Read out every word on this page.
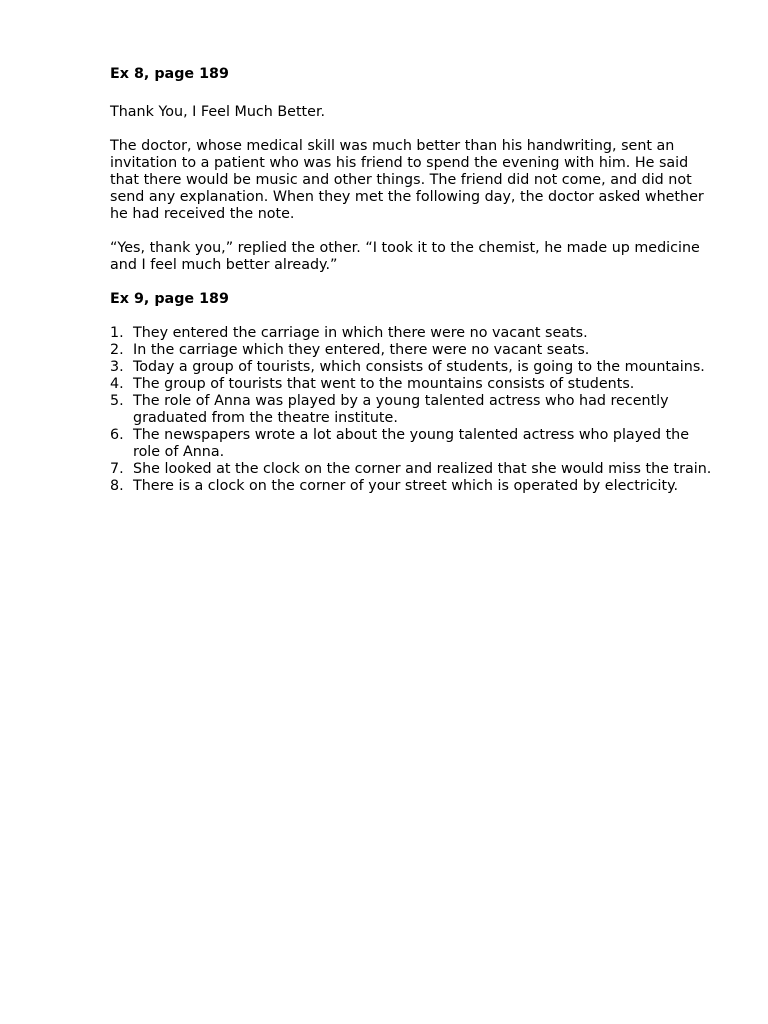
Ex 8, page 189

Thank You, I Feel Much Better.

The doctor, whose medical skill was much better than his handwriting, sent an invitation to a patient who was his friend to spend the evening with him. He said that there would be music and other things. The friend did not come, and did not send any explanation. When they met the following day, the doctor asked whether he had received the note.

“Yes, thank you,” replied the other. “I took it to the chemist, he made up medicine and I feel much better already.”

Ex 9, page 189

1. They entered the carriage in which there were no vacant seats.
2. In the carriage which they entered, there were no vacant seats.
3. Today a group of tourists, which consists of students, is going to the mountains.
4. The group of tourists that went to the mountains consists of students.
5. The role of Anna was played by a young talented actress who had recently graduated from the theatre institute.
6. The newspapers wrote a lot about the young talented actress who played the role of Anna.
7. She looked at the clock on the corner and realized that she would miss the train.
8. There is a clock on the corner of your street which is operated by electricity.
